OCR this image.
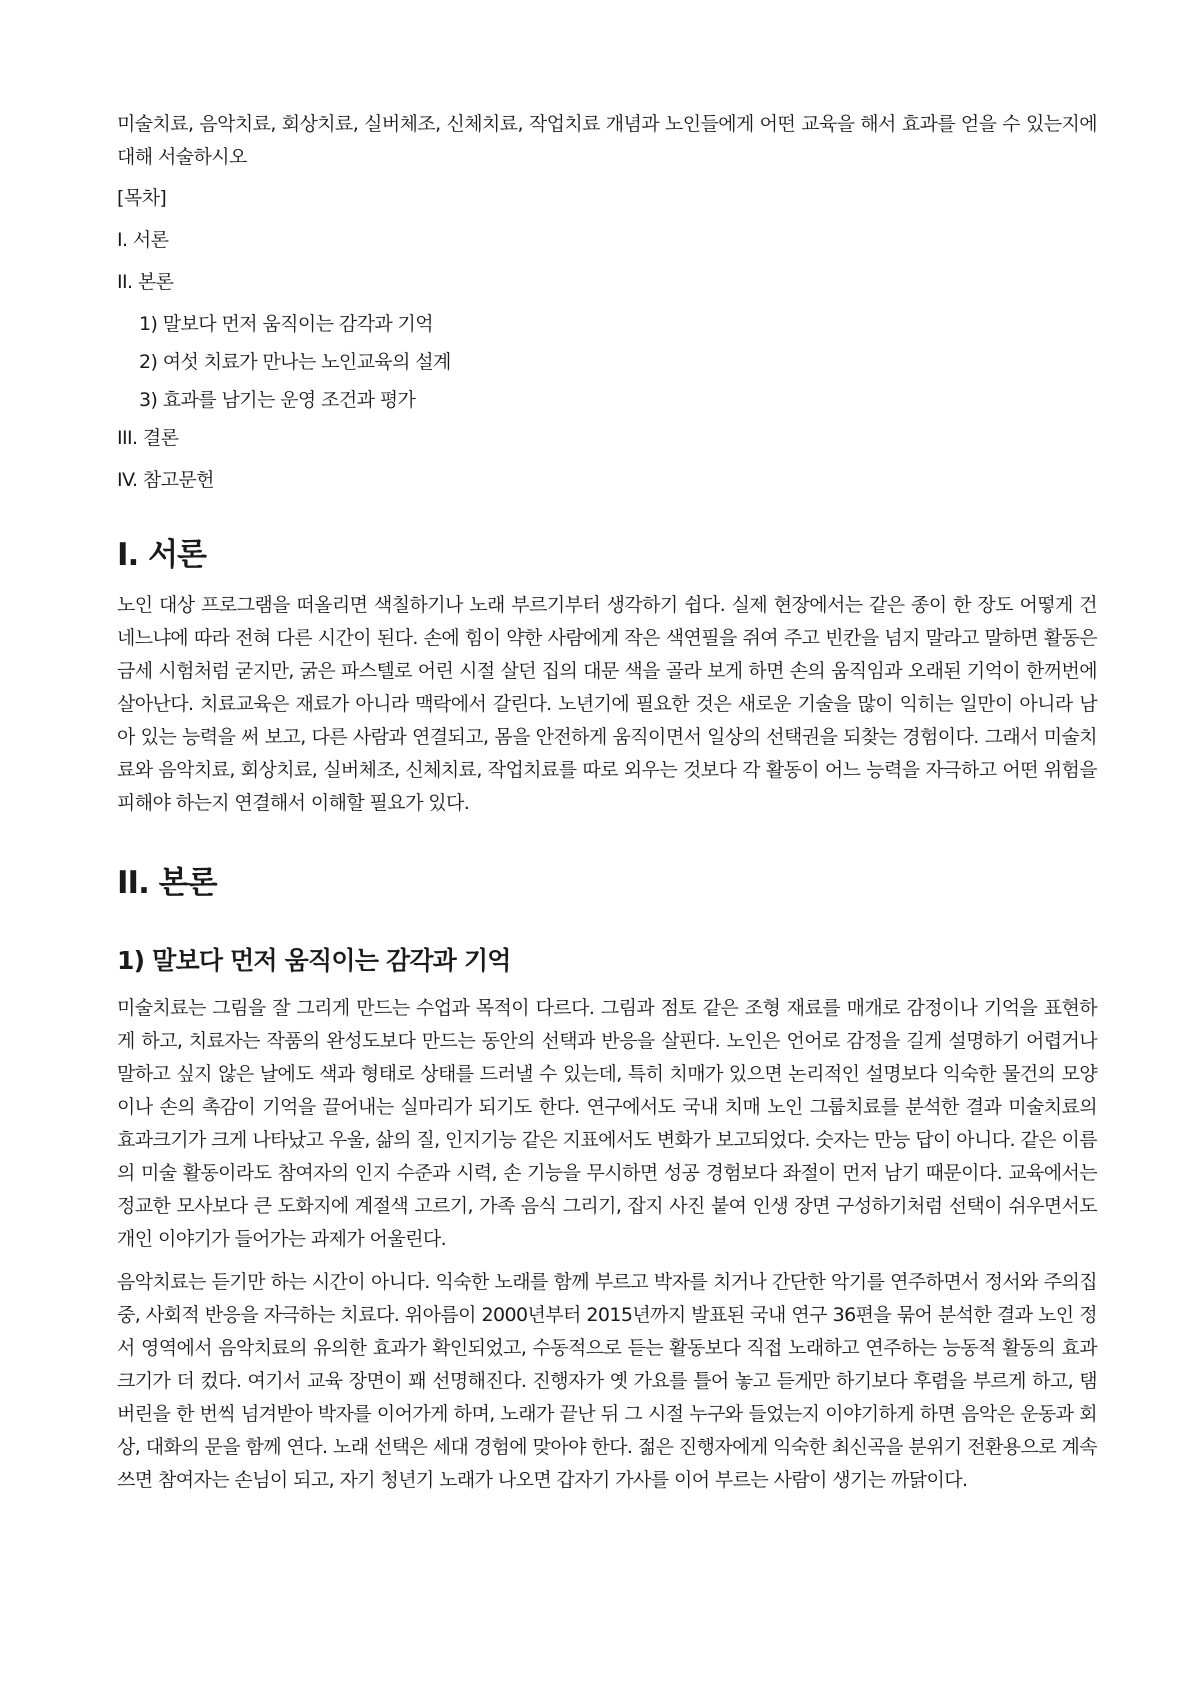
미술치료, 음악치료, 회상치료, 실버체조, 신체치료, 작업치료 개념과 노인들에게 어떤 교육을 해서 효과를 얻을 수 있는지에 대해 서술하시오

[목차]

I. 서론

II. 본론

1) 말보다 먼저 움직이는 감각과 기억

2) 여섯 치료가 만나는 노인교육의 설계

3) 효과를 남기는 운영 조건과 평가

III. 결론

IV. 참고문헌

I. 서론

노인 대상 프로그램을 떠올리면 색칠하기나 노래 부르기부터 생각하기 쉽다. 실제 현장에서는 같은 종이 한 장도 어떻게 건네느냐에 따라 전혀 다른 시간이 된다. 손에 힘이 약한 사람에게 작은 색연필을 쥐여 주고 빈칸을 넘지 말라고 말하면 활동은 금세 시험처럼 굳지만, 굵은 파스텔로 어린 시절 살던 집의 대문 색을 골라 보게 하면 손의 움직임과 오래된 기억이 한꺼번에 살아난다. 치료교육은 재료가 아니라 맥락에서 갈린다. 노년기에 필요한 것은 새로운 기술을 많이 익히는 일만이 아니라 남아 있는 능력을 써 보고, 다른 사람과 연결되고, 몸을 안전하게 움직이면서 일상의 선택권을 되찾는 경험이다. 그래서 미술치료와 음악치료, 회상치료, 실버체조, 신체치료, 작업치료를 따로 외우는 것보다 각 활동이 어느 능력을 자극하고 어떤 위험을 피해야 하는지 연결해서 이해할 필요가 있다.

II. 본론
1) 말보다 먼저 움직이는 감각과 기억

미술치료는 그림을 잘 그리게 만드는 수업과 목적이 다르다. 그림과 점토 같은 조형 재료를 매개로 감정이나 기억을 표현하게 하고, 치료자는 작품의 완성도보다 만드는 동안의 선택과 반응을 살핀다. 노인은 언어로 감정을 길게 설명하기 어렵거나 말하고 싶지 않은 날에도 색과 형태로 상태를 드러낼 수 있는데, 특히 치매가 있으면 논리적인 설명보다 익숙한 물건의 모양이나 손의 촉감이 기억을 끌어내는 실마리가 되기도 한다. 연구에서도 국내 치매 노인 그룹치료를 분석한 결과 미술치료의 효과크기가 크게 나타났고 우울, 삶의 질, 인지기능 같은 지표에서도 변화가 보고되었다. 숫자는 만능 답이 아니다. 같은 이름의 미술 활동이라도 참여자의 인지 수준과 시력, 손 기능을 무시하면 성공 경험보다 좌절이 먼저 남기 때문이다. 교육에서는 정교한 모사보다 큰 도화지에 계절색 고르기, 가족 음식 그리기, 잡지 사진 붙여 인생 장면 구성하기처럼 선택이 쉬우면서도 개인 이야기가 들어가는 과제가 어울린다.

음악치료는 듣기만 하는 시간이 아니다. 익숙한 노래를 함께 부르고 박자를 치거나 간단한 악기를 연주하면서 정서와 주의집중, 사회적 반응을 자극하는 치료다. 위아름이 2000년부터 2015년까지 발표된 국내 연구 36편을 묶어 분석한 결과 노인 정서 영역에서 음악치료의 유의한 효과가 확인되었고, 수동적으로 듣는 활동보다 직접 노래하고 연주하는 능동적 활동의 효과크기가 더 컸다. 여기서 교육 장면이 꽤 선명해진다. 진행자가 옛 가요를 틀어 놓고 듣게만 하기보다 후렴을 부르게 하고, 탬버린을 한 번씩 넘겨받아 박자를 이어가게 하며, 노래가 끝난 뒤 그 시절 누구와 들었는지 이야기하게 하면 음악은 운동과 회상, 대화의 문을 함께 연다. 노래 선택은 세대 경험에 맞아야 한다. 젊은 진행자에게 익숙한 최신곡을 분위기 전환용으로 계속 쓰면 참여자는 손님이 되고, 자기 청년기 노래가 나오면 갑자기 가사를 이어 부르는 사람이 생기는 까닭이다.
